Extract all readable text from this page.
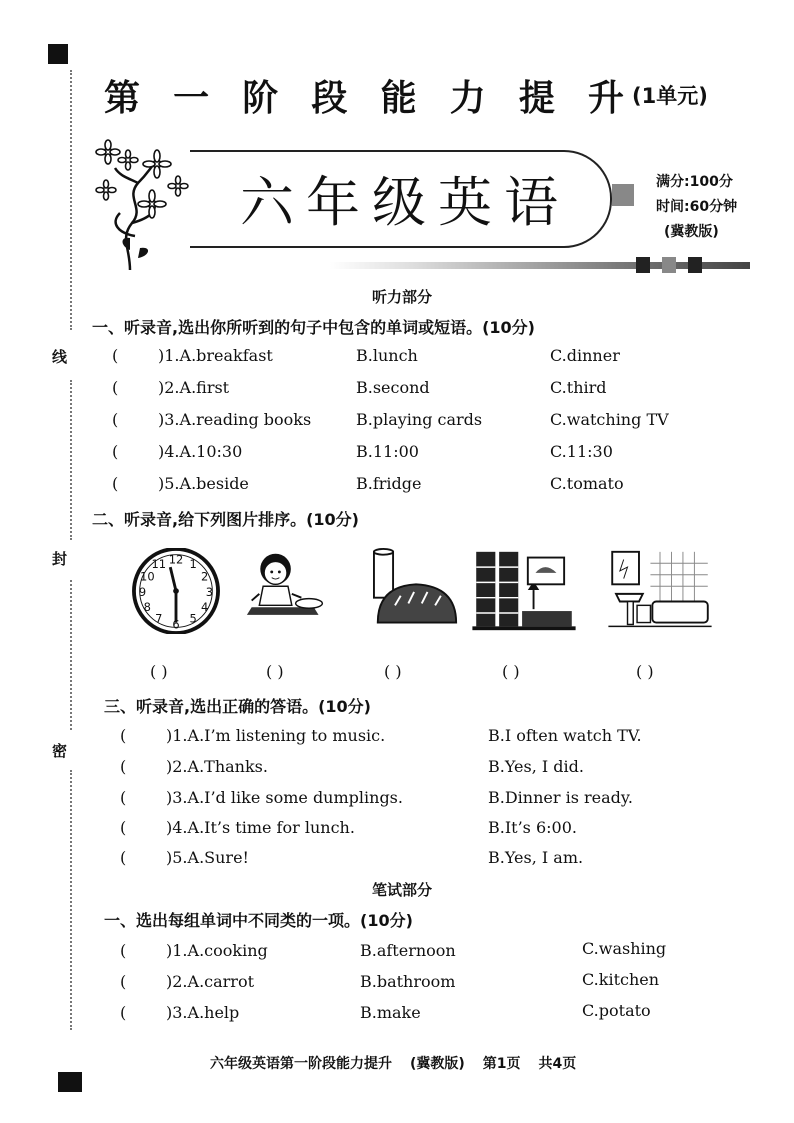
线
封
密
第 一 阶 段 能 力 提 升 (1单元)
六年级英语	满分:100分
时间:60分钟
(冀教版)
听力部分
一、听录音,选出你所听到的句子中包含的单词或短语。(10分)
( )1.A.breakfast	B.lunch	C.dinner
( )2.A.first	B.second	C.third
( )3.A.reading books	B.playing cards	C.watching TV
( )4.A.10:30	B.11:00	C.11:30
( )5.A.beside	B.fridge	C.tomato
二、听录音,给下列图片排序。(10分)
12 1
2
3
4
5
6
7
8
9
10
11
( )	( )	( )	( )	( )
三、听录音,选出正确的答语。(10分)
( )1.A.I’m listening to music.	B.I often watch TV.
( )2.A.Thanks.	B.Yes, I did.
( )3.A.I’d like some dumplings.	B.Dinner is ready.
( )4.A.It’s time for lunch.	B.It’s 6:00.
( )5.A.Sure!	B.Yes, I am.
笔试部分
一、选出每组单词中不同类的一项。(10分)
( )1.A.cooking	B.afternoon	C.washing
( )2.A.carrot	B.bathroom	C.kitchen
( )3.A.help	B.make	C.potato
六年级英语第一阶段能力提升 (冀教版) 第1页 共4页
